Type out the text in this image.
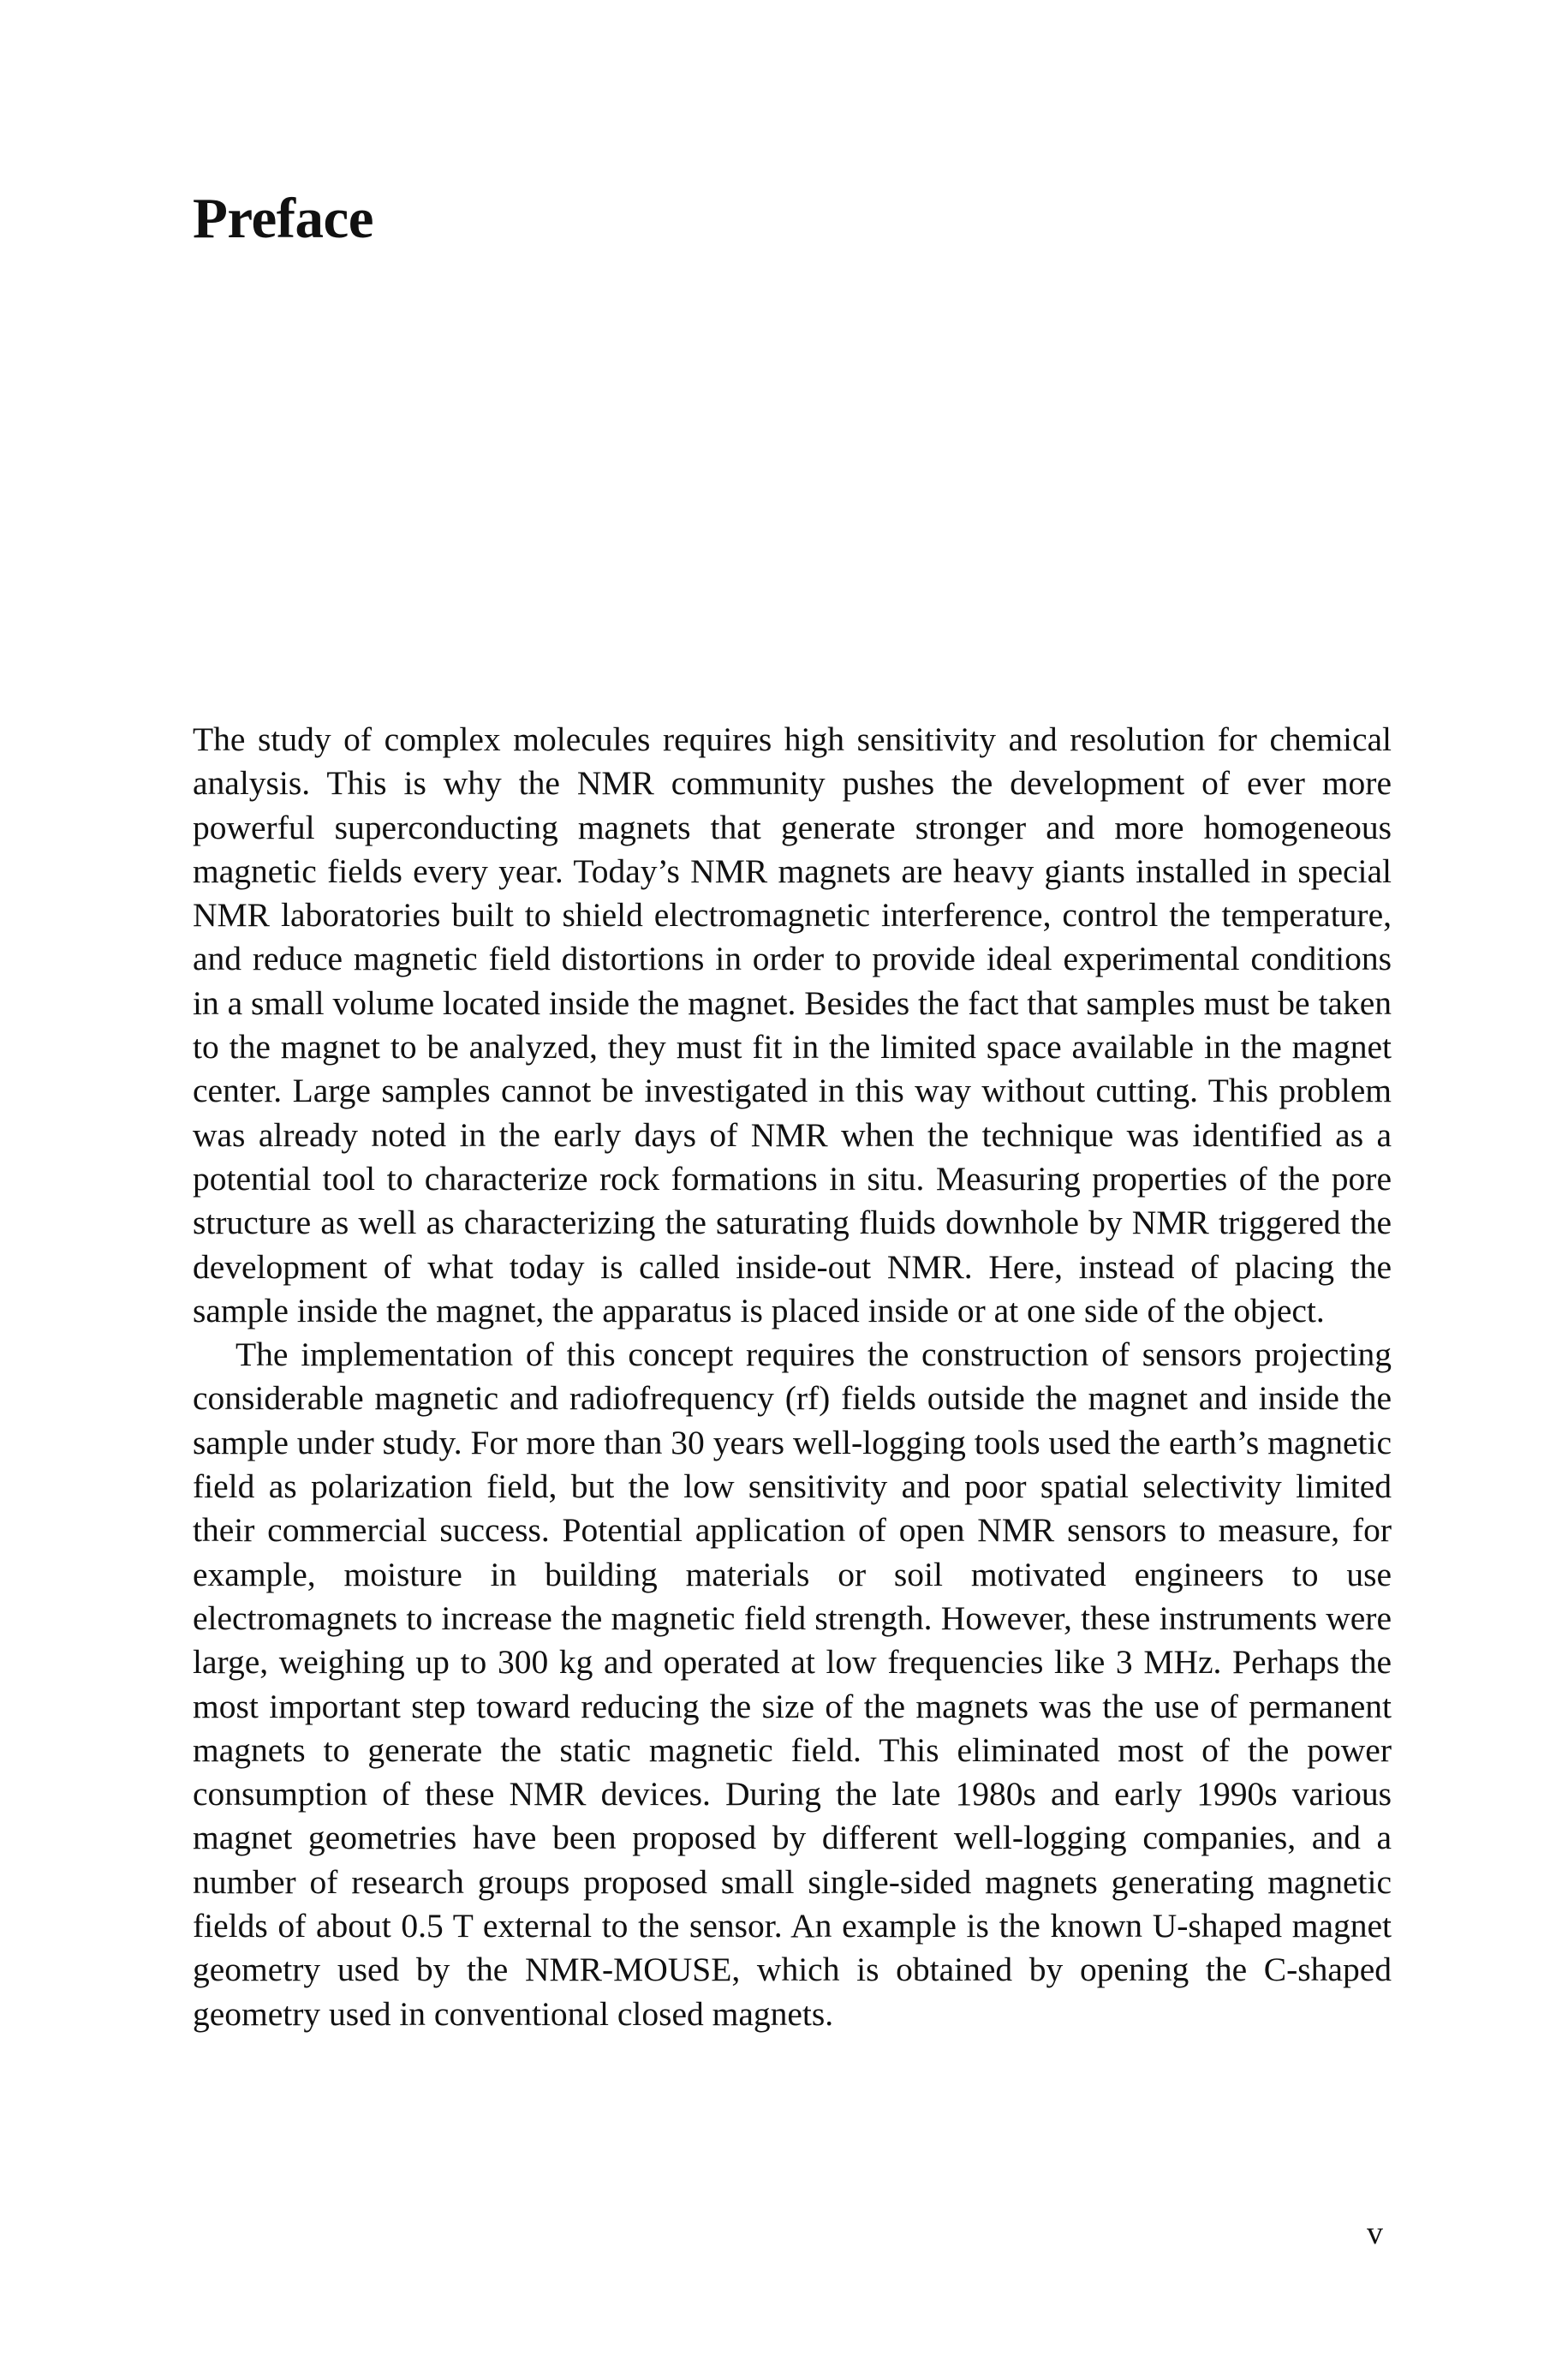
Preface

The study of complex molecules requires high sensitivity and resolution for chemical analysis. This is why the NMR community pushes the development of ever more powerful superconducting magnets that generate stronger and more homogeneous magnetic fields every year. Today’s NMR magnets are heavy giants installed in special NMR laboratories built to shield electromagnetic interference, control the temperature, and reduce magnetic field distortions in order to provide ideal experimental conditions in a small volume located inside the magnet. Besides the fact that samples must be taken to the magnet to be analyzed, they must fit in the limited space available in the magnet center. Large samples cannot be investigated in this way without cutting. This problem was already noted in the early days of NMR when the technique was identified as a potential tool to characterize rock formations in situ. Measuring properties of the pore structure as well as characterizing the saturating fluids downhole by NMR triggered the development of what today is called inside-out NMR. Here, instead of placing the sample inside the magnet, the apparatus is placed inside or at one side of the object.

The implementation of this concept requires the construction of sensors projecting considerable magnetic and radiofrequency (rf) fields outside the magnet and inside the sample under study. For more than 30 years well-logging tools used the earth’s magnetic field as polarization field, but the low sensitivity and poor spatial selectivity limited their commercial success. Potential application of open NMR sensors to measure, for example, moisture in building materials or soil motivated engineers to use electromagnets to increase the magnetic field strength. However, these instruments were large, weighing up to 300 kg and operated at low frequencies like 3 MHz. Perhaps the most important step toward reducing the size of the magnets was the use of permanent magnets to generate the static magnetic field. This eliminated most of the power consumption of these NMR devices. During the late 1980s and early 1990s various magnet geometries have been proposed by different well-logging companies, and a number of research groups proposed small single-sided magnets generating magnetic fields of about 0.5 T external to the sensor. An example is the known U-shaped magnet geometry used by the NMR-MOUSE, which is obtained by opening the C-shaped geometry used in conventional closed magnets.

v
